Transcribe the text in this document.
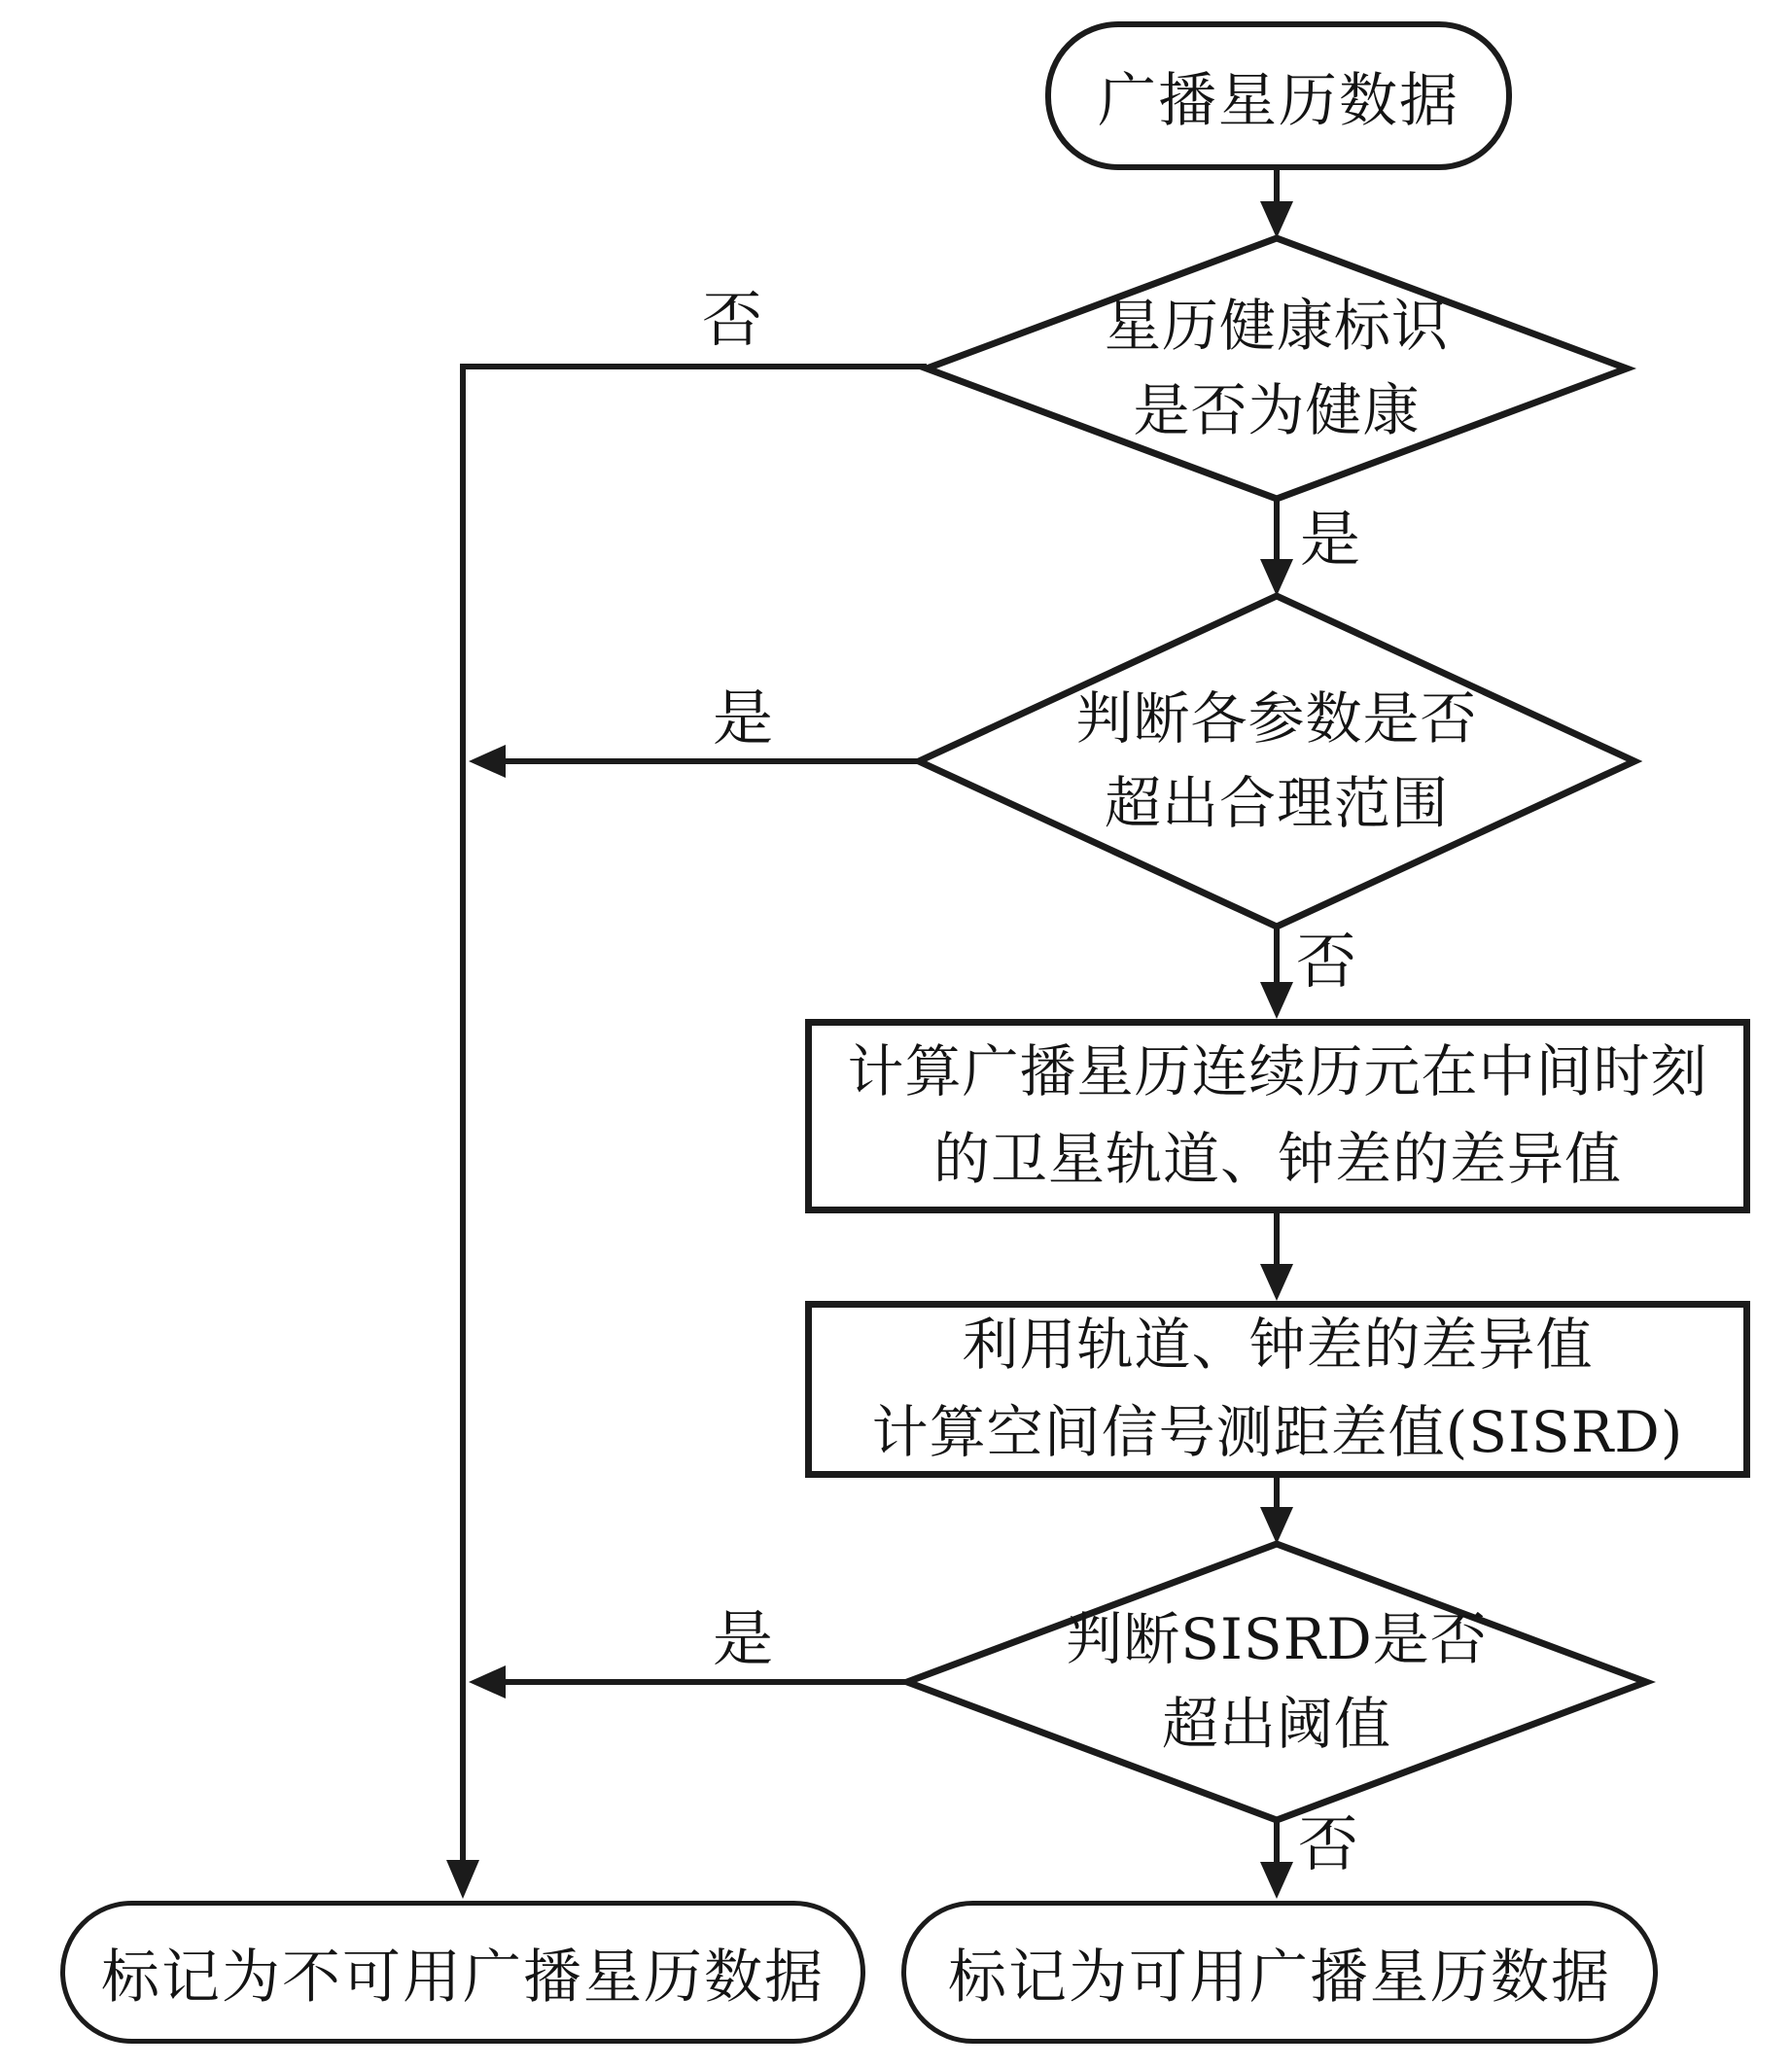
广播星历数据
星历健康标识
是否为健康
判断各参数是否
超出合理范围
计算广播星历连续历元在中间时刻
的卫星轨道、钟差的差异值
利用轨道、钟差的差异值
计算空间信号测距差值(SISRD)
判断SISRD是否
超出阈值
标记为不可用广播星历数据 标记为可用广播星历数据
否
是
是
否
是
否
